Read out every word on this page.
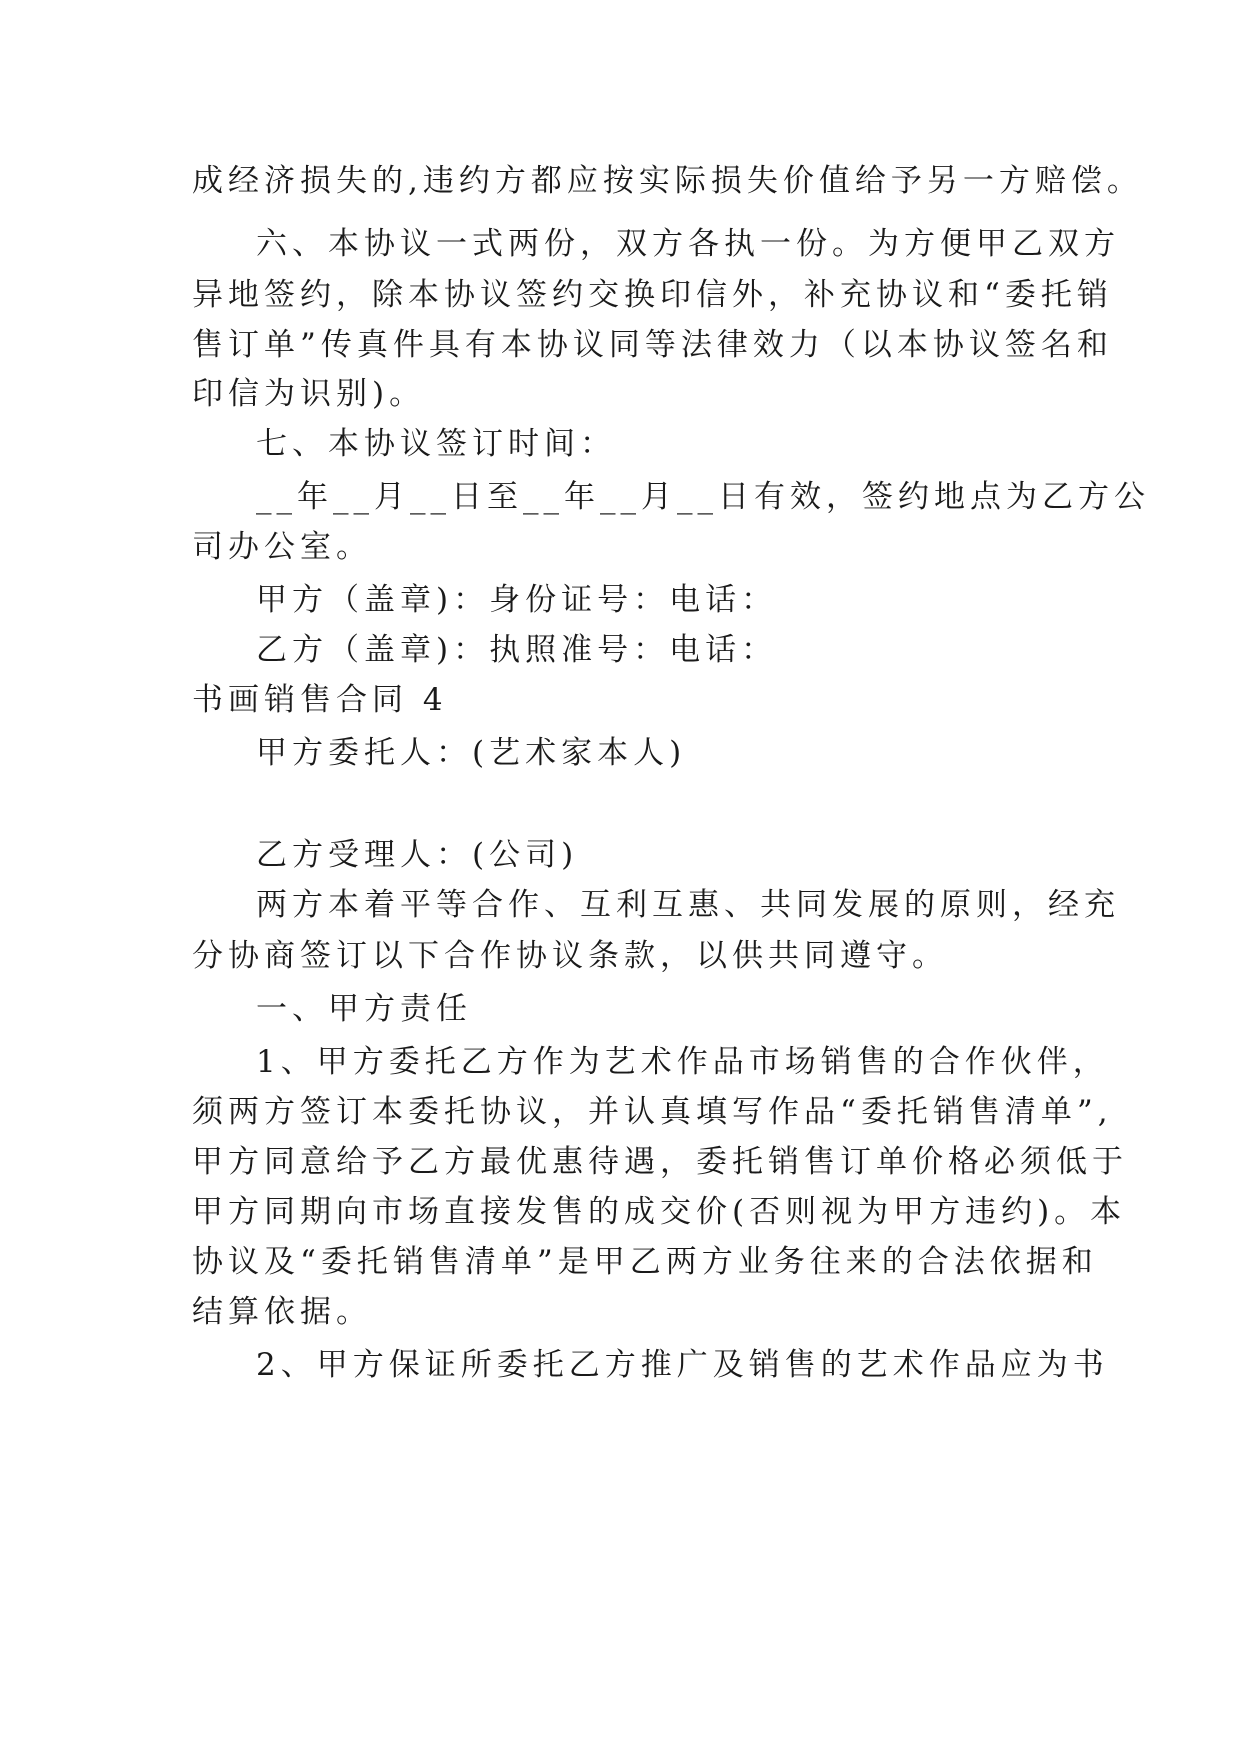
成经济损失的,违约方都应按实际损失价值给予另一方赔偿。
六、本协议一式两份，双方各执一份。为方便甲乙双方
异地签约，除本协议签约交换印信外，补充协议和“委托销
售订单”传真件具有本协议同等法律效力（以本协议签名和
印信为识别)。
七、本协议签订时间：
__年__月__日至__年__月__日有效，签约地点为乙方公
司办公室。
甲方（盖章)：身份证号：电话：
乙方（盖章)：执照准号：电话：
书画销售合同 4
甲方委托人：(艺术家本人)
乙方受理人：(公司)
两方本着平等合作、互利互惠、共同发展的原则，经充
分协商签订以下合作协议条款，以供共同遵守。
一、甲方责任
1、甲方委托乙方作为艺术作品市场销售的合作伙伴，
须两方签订本委托协议，并认真填写作品“委托销售清单”,
甲方同意给予乙方最优惠待遇，委托销售订单价格必须低于
甲方同期向市场直接发售的成交价(否则视为甲方违约)。本
协议及“委托销售清单”是甲乙两方业务往来的合法依据和
结算依据。
2、甲方保证所委托乙方推广及销售的艺术作品应为书
